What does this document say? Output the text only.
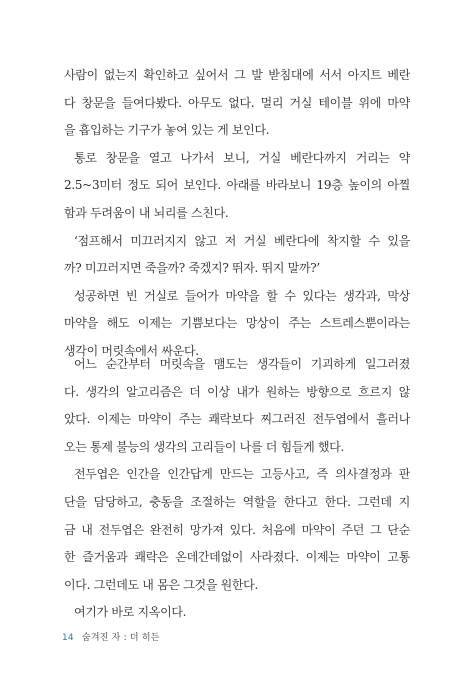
사람이 없는지 확인하고 싶어서 그 발 받침대에 서서 아지트 베란
다 창문을 들여다봤다. 아무도 없다. 멀리 거실 테이블 위에 마약
을 흡입하는 기구가 놓여 있는 게 보인다.
통로 창문을 열고 나가서 보니, 거실 베란다까지 거리는 약
2.5~3미터 정도 되어 보인다. 아래를 바라보니 19층 높이의 아찔
함과 두려움이 내 뇌리를 스친다.
‘점프해서 미끄러지지 않고 저 거실 베란다에 착지할 수 있을
까? 미끄러지면 죽을까? 죽겠지? 뛰자. 뛰지 말까?’
성공하면 빈 거실로 들어가 마약을 할 수 있다는 생각과, 막상
마약을 해도 이제는 기쁨보다는 망상이 주는 스트레스뿐이라는
생각이 머릿속에서 싸운다.
어느 순간부터 머릿속을 맴도는 생각들이 기괴하게 일그러졌
다. 생각의 알고리즘은 더 이상 내가 원하는 방향으로 흐르지 않
았다. 이제는 마약이 주는 쾌락보다 찌그러진 전두엽에서 흘러나
오는 통제 불능의 생각의 고리들이 나를 더 힘들게 했다.
전두엽은 인간을 인간답게 만드는 고등사고, 즉 의사결정과 판
단을 담당하고, 충동을 조절하는 역할을 한다고 한다. 그런데 지
금 내 전두엽은 완전히 망가져 있다. 처음에 마약이 주던 그 단순
한 즐거움과 쾌락은 온데간데없이 사라졌다. 이제는 마약이 고통
이다. 그런데도 내 몸은 그것을 원한다.
여기가 바로 지옥이다.
14 숨겨진 자 : 더 히든
